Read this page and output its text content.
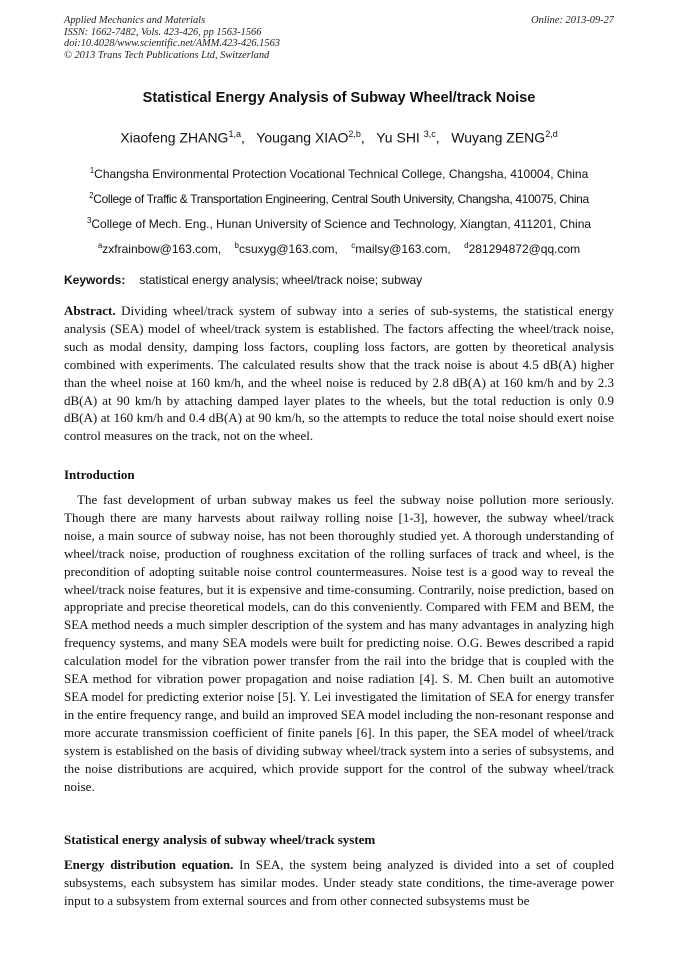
Applied Mechanics and Materials
ISSN: 1662-7482, Vols. 423-426, pp 1563-1566
doi:10.4028/www.scientific.net/AMM.423-426.1563
© 2013 Trans Tech Publications Ltd, Switzerland
Online: 2013-09-27
Statistical Energy Analysis of Subway Wheel/track Noise
Xiaofeng ZHANG$^{1,a}$,   Yougang XIAO$^{2,b}$,   Yu SHI $^{3,c}$,   Wuyang ZENG$^{2,d}$
$^1$Changsha Environmental Protection Vocational Technical College, Changsha, 410004, China
$^2$College of Traffic & Transportation Engineering, Central South University, Changsha, 410075, China
$^3$College of Mech. Eng., Hunan University of Science and Technology, Xiangtan, 411201, China
$^a$zxfrainbow@163.com, $^b$csuxyg@163.com, $^c$mailsy@163.com, $^d$281294872@qq.com
Keywords: statistical energy analysis; wheel/track noise; subway

Abstract. Dividing wheel/track system of subway into a series of sub-systems, the statistical energy analysis (SEA) model of wheel/track system is established. The factors affecting the wheel/track noise, such as modal density, damping loss factors, coupling loss factors, are gotten by theoretical analysis combined with experiments. The calculated results show that the track noise is about 4.5 dB(A) higher than the wheel noise at 160 km/h, and the wheel noise is reduced by 2.8 dB(A) at 160 km/h and by 2.3 dB(A) at 90 km/h by attaching damped layer plates to the wheels, but the total reduction is only 0.9 dB(A) at 160 km/h and 0.4 dB(A) at 90 km/h, so the attempts to reduce the total noise should exert noise control measures on the track, not on the wheel.

Introduction

The fast development of urban subway makes us feel the subway noise pollution more seriously. Though there are many harvests about railway rolling noise [1-3], however, the subway wheel/track noise, a main source of subway noise, has not been thoroughly studied yet. A thorough understanding of wheel/track noise, production of roughness excitation of the rolling surfaces of track and wheel, is the precondition of adopting suitable noise control countermeasures. Noise test is a good way to reveal the wheel/track noise features, but it is expensive and time-consuming. Contrarily, noise prediction, based on appropriate and precise theoretical models, can do this conveniently. Compared with FEM and BEM, the SEA method needs a much simpler description of the system and has many advantages in analyzing high frequency systems, and many SEA models were built for predicting noise. O.G. Bewes described a rapid calculation model for the vibration power transfer from the rail into the bridge that is coupled with the SEA method for vibration power propagation and noise radiation [4]. S. M. Chen built an automotive SEA model for predicting exterior noise [5]. Y. Lei investigated the limitation of SEA for energy transfer in the entire frequency range, and build an improved SEA model including the non-resonant response and more accurate transmission coefficient of finite panels [6]. In this paper, the SEA model of wheel/track system is established on the basis of dividing subway wheel/track system into a series of subsystems, and the noise distributions are acquired, which provide support for the control of the subway wheel/track noise.

Statistical energy analysis of subway wheel/track system

Energy distribution equation. In SEA, the system being analyzed is divided into a set of coupled subsystems, each subsystem has similar modes. Under steady state conditions, the time-average power input to a subsystem from external sources and from other connected subsystems must be
